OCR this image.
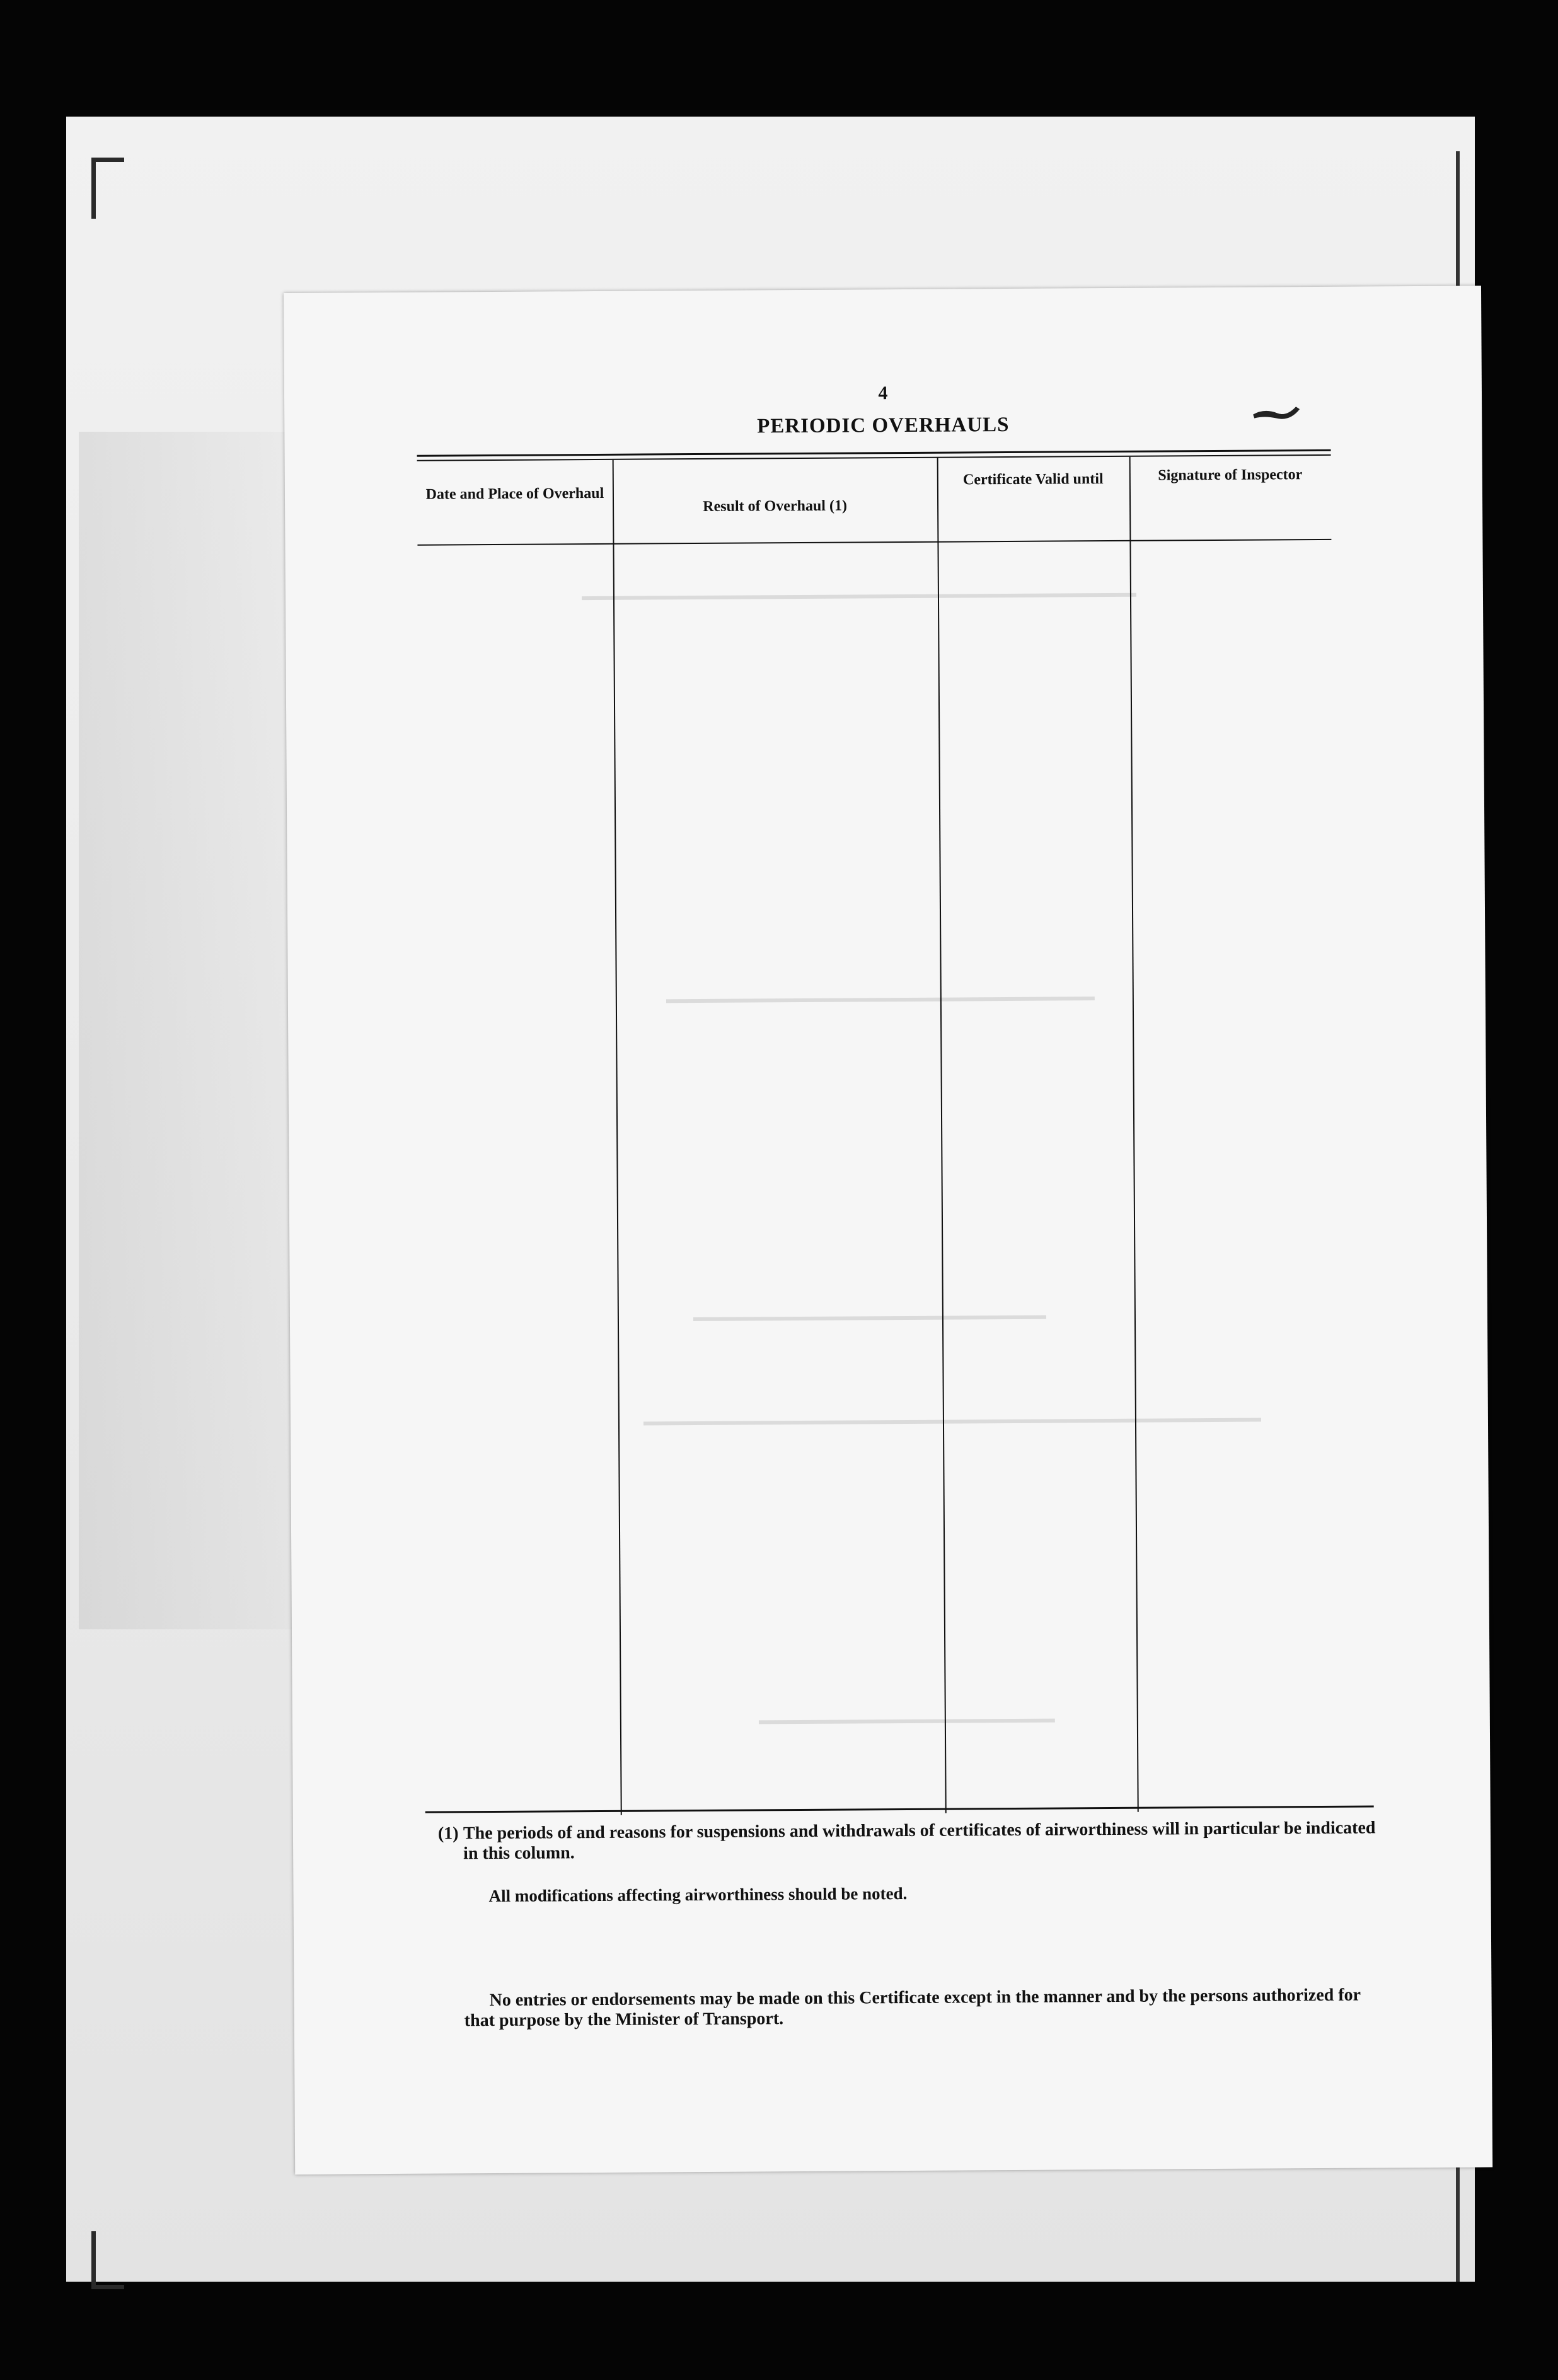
4
PERIODIC OVERHAULS
Date and Place of Overhaul
Result of Overhaul (1)
Certificate Valid until	Signature of Inspector
(1) The periods of and reasons for suspensions and withdrawals of certificates of airworthiness will in particular be indicated in this column.
All modifications affecting airworthiness should be noted.
No entries or endorsements may be made on this Certificate except in the manner and by the persons authorized for that purpose by the Minister of Transport.
